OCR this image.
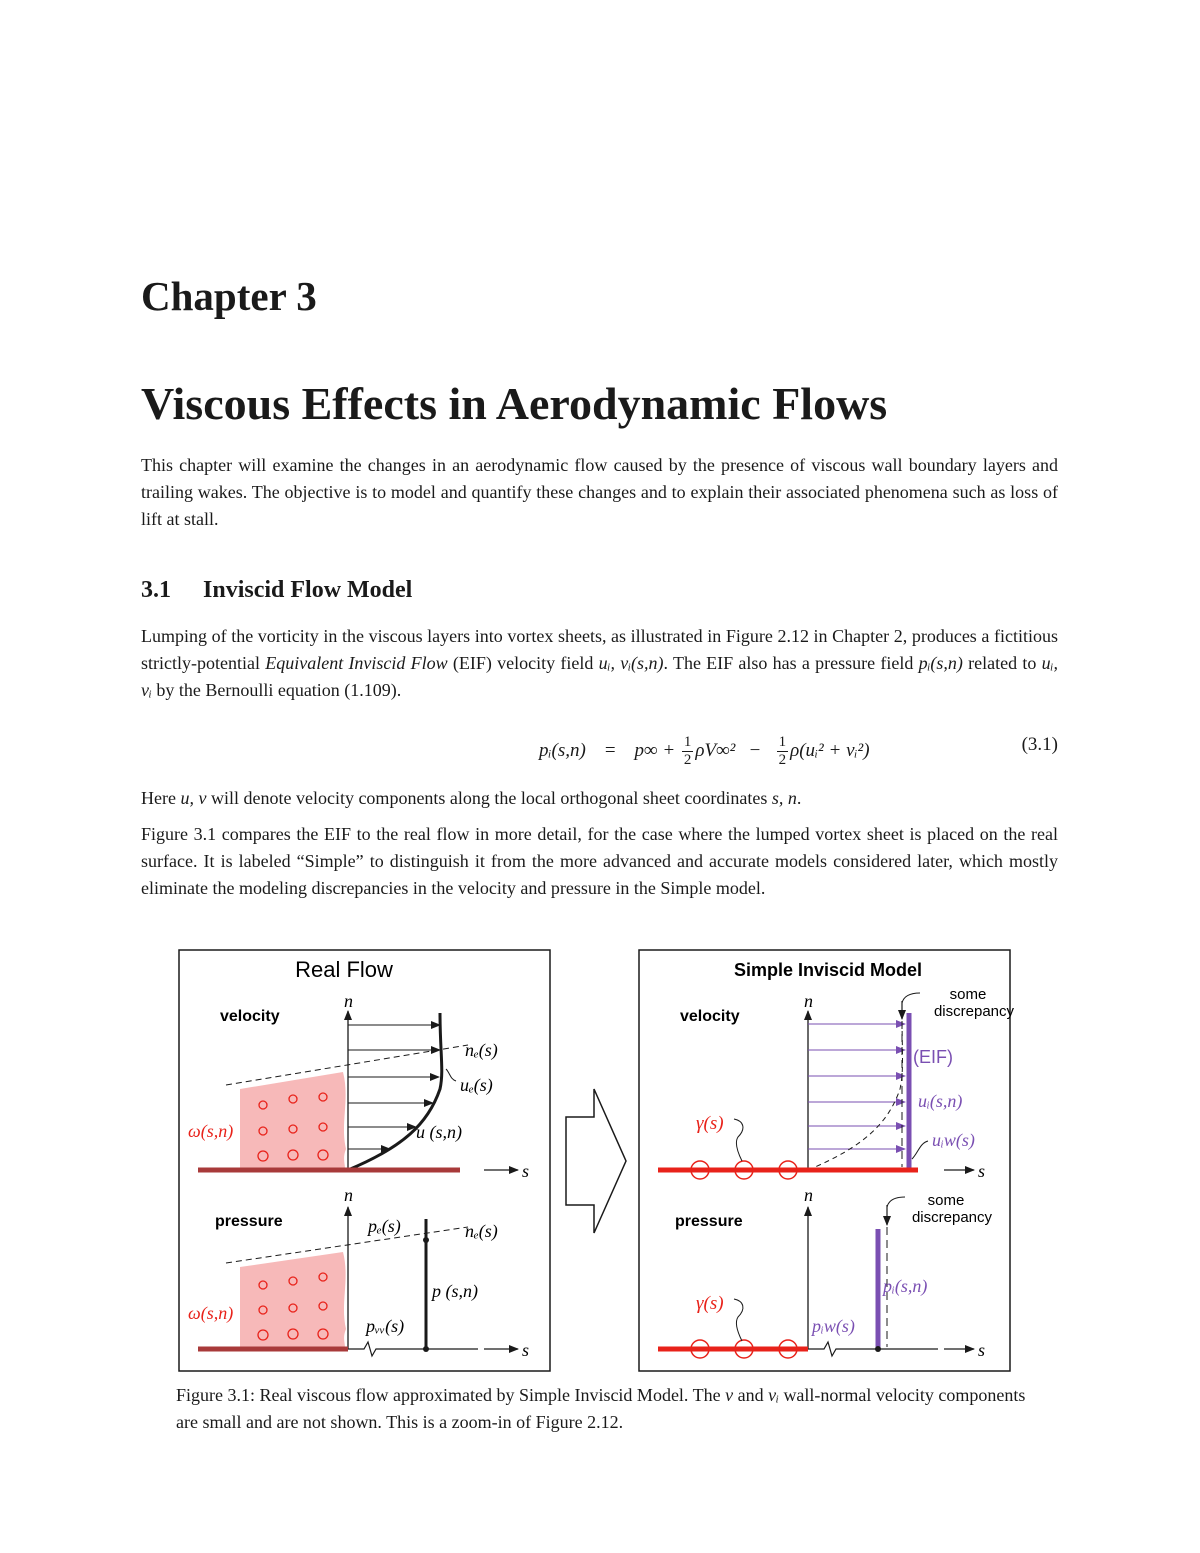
Chapter 3
Viscous Effects in Aerodynamic Flows

This chapter will examine the changes in an aerodynamic flow caused by the presence of viscous wall boundary layers and trailing wakes. The objective is to model and quantify these changes and to explain their associated phenomena such as loss of lift at stall.

3.1 Inviscid Flow Model

Lumping of the vorticity in the viscous layers into vortex sheets, as illustrated in Figure 2.12 in Chapter 2, produces a fictitious strictly-potential Equivalent Inviscid Flow (EIF) velocity field uᵢ, vᵢ(s,n). The EIF also has a pressure field pᵢ(s,n) related to uᵢ, vᵢ by the Bernoulli equation (1.109).

pᵢ(s,n) = $p\infty + \frac{1}{2} \rho V\infty^2 - \frac{1}{2}$ ρ(uᵢ² + vᵢ²)	(3.1)

Here u, v will denote velocity components along the local orthogonal sheet coordinates s, n.

Figure 3.1 compares the EIF to the real flow in more detail, for the case where the lumped vortex sheet is placed on the real surface. It is labeled “Simple” to distinguish it from the more advanced and accurate models considered later, which mostly eliminate the modeling discrepancies in the velocity and pressure in the Simple model.

Real Flow
velocity
n
s
nₑ(s)
uₑ(s)
u (s,n)
ω(s,n)
pressure
n
s
pₑ(s)	nₑ(s)
p (s,n)
pᵥᵥ(s)
ω(s,n)
Simple Inviscid Model
velocity
n	some
discrepancy
s
(EIF)
uᵢ(s,n)
uᵢw(s)
γ(s)
pressure
n	some
discrepancy
s
pᵢ(s,n)
pᵢw(s)
γ(s)

Figure 3.1: Real viscous flow approximated by Simple Inviscid Model. The v and vᵢ wall-normal velocity components are small and are not shown. This is a zoom-in of Figure 2.12.
